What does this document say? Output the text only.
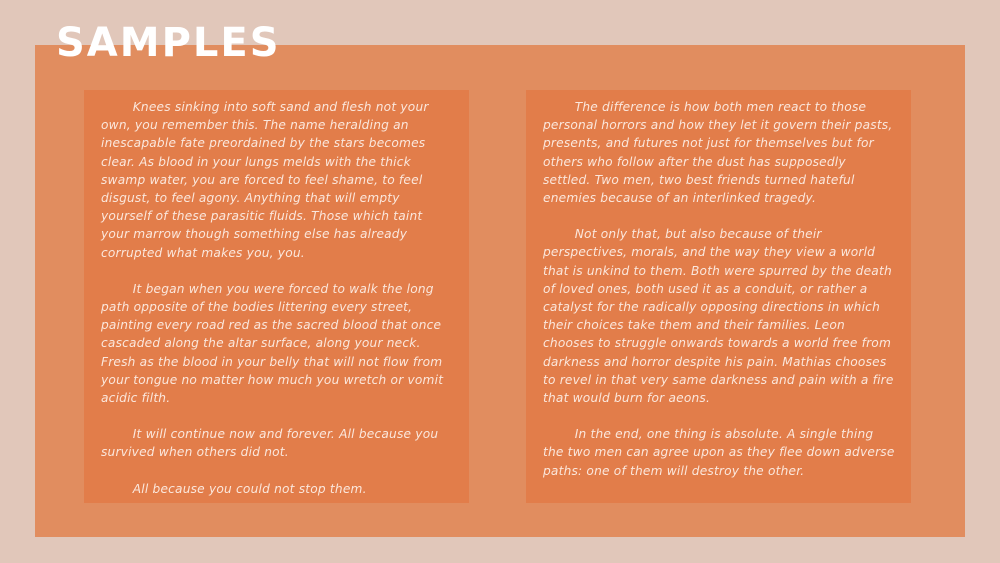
SAMPLES

Knees sinking into soft sand and flesh not your own, you remember this. The name heralding an inescapable fate preordained by the stars becomes clear. As blood in your lungs melds with the thick swamp water, you are forced to feel shame, to feel disgust, to feel agony. Anything that will empty yourself of these parasitic fluids. Those which taint your marrow though something else has already corrupted what makes you, you.

It began when you were forced to walk the long path opposite of the bodies littering every street, painting every road red as the sacred blood that once cascaded along the altar surface, along your neck. Fresh as the blood in your belly that will not flow from your tongue no matter how much you wretch or vomit acidic filth.

It will continue now and forever. All because you survived when others did not.

All because you could not stop them.

The difference is how both men react to those personal horrors and how they let it govern their pasts, presents, and futures not just for themselves but for others who follow after the dust has supposedly settled. Two men, two best friends turned hateful enemies because of an interlinked tragedy.

Not only that, but also because of their perspectives, morals, and the way they view a world that is unkind to them. Both were spurred by the death of loved ones, both used it as a conduit, or rather a catalyst for the radically opposing directions in which their choices take them and their families. Leon chooses to struggle onwards towards a world free from darkness and horror despite his pain. Mathias chooses to revel in that very same darkness and pain with a fire that would burn for aeons.

In the end, one thing is absolute. A single thing the two men can agree upon as they flee down adverse paths: one of them will destroy the other.
